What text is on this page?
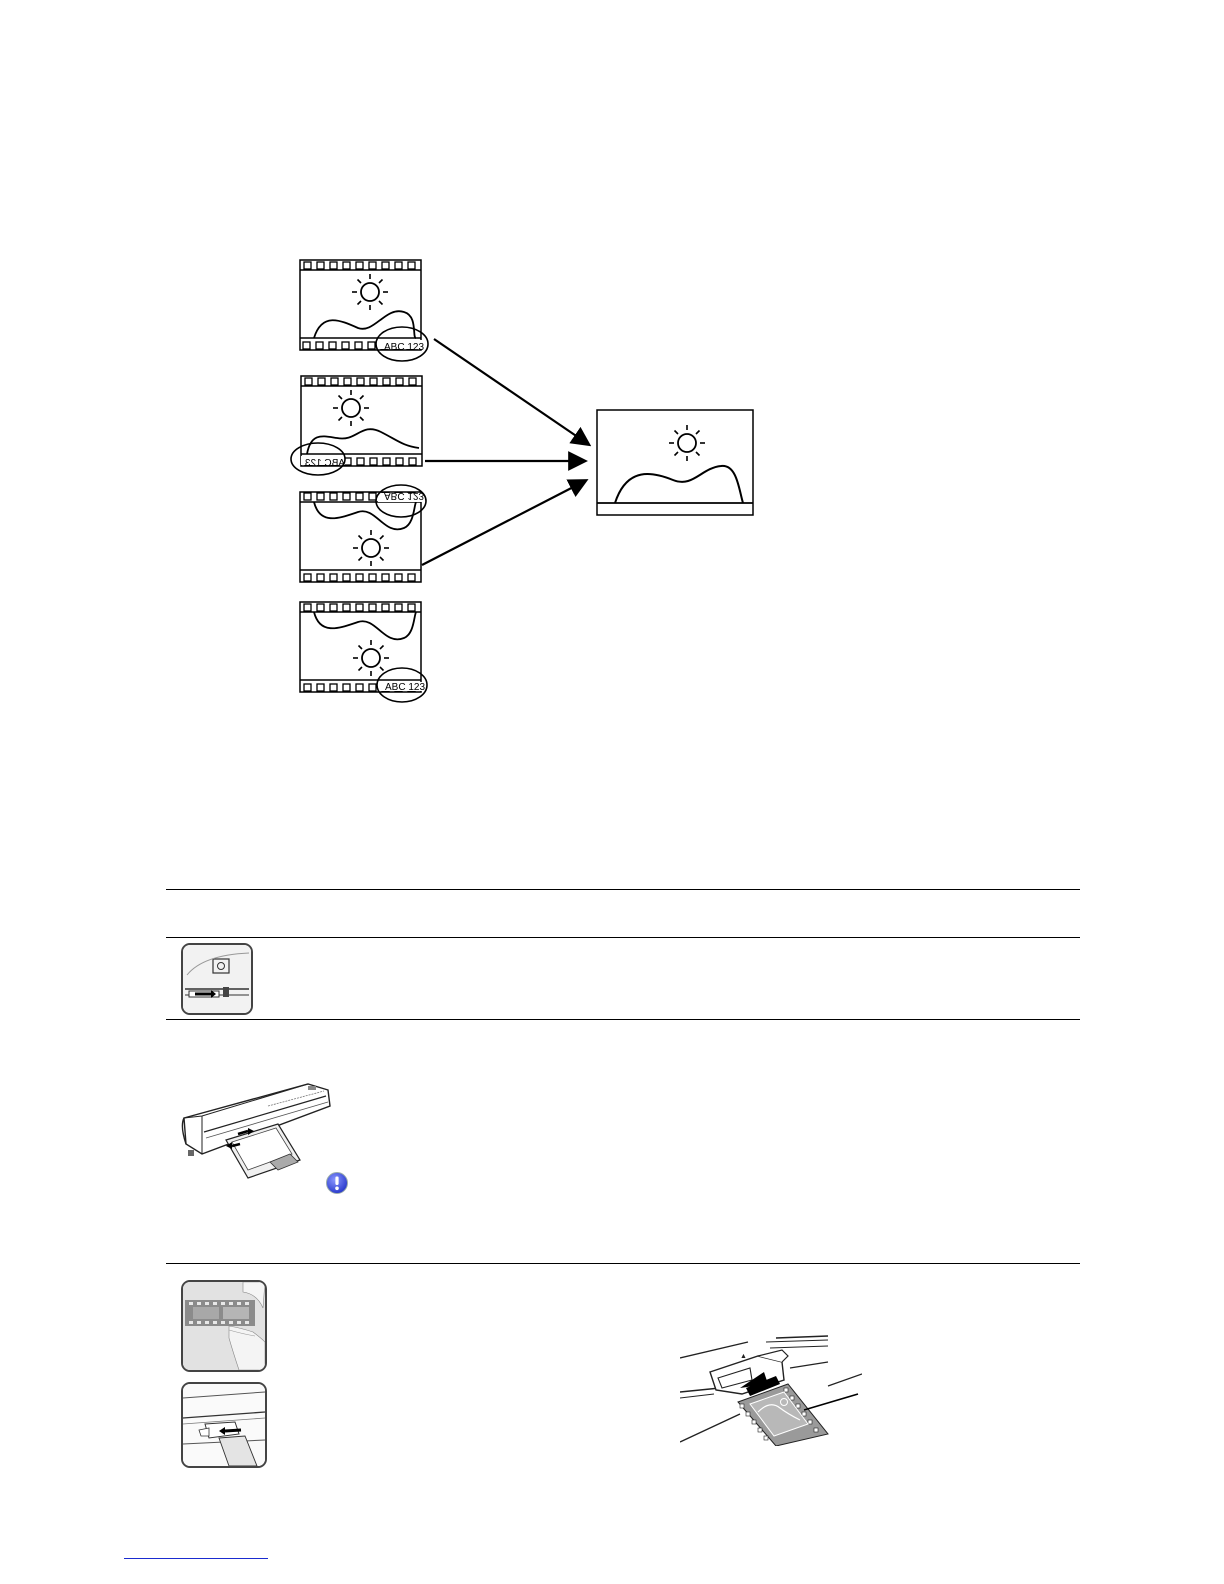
ABC 123
ABC 123
ABC 123
ABC 123
▲
